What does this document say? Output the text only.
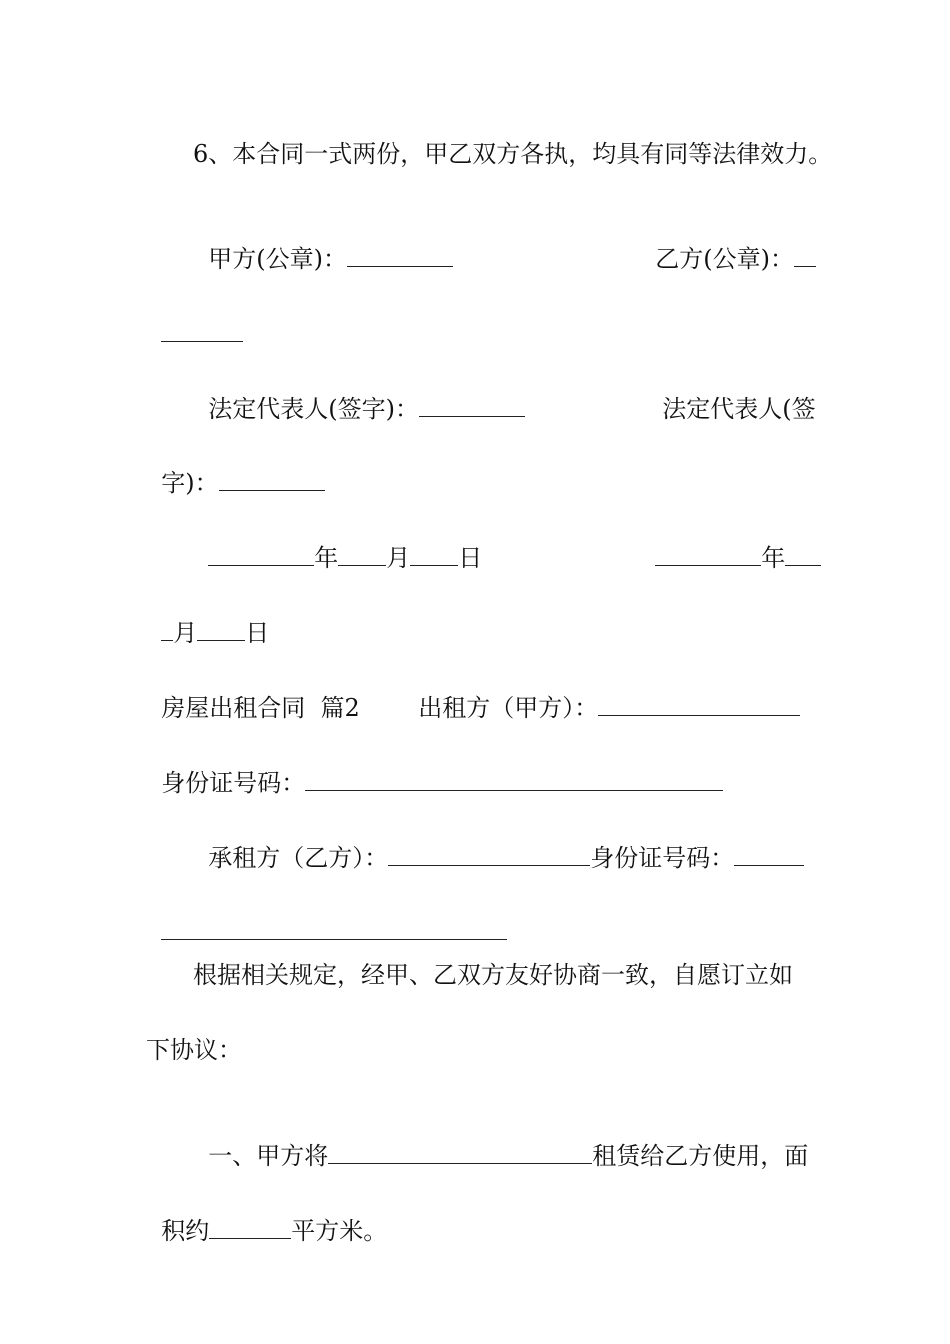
6、本合同一式两份，甲乙双方各执，均具有同等法律效力。

甲方(公章)：	乙方(公章)：

法定代表人(签字)：	法定代表人(签

字)：

年 月 日	年

月 日

房屋出租合同  篇2	出租方（甲方）：

身份证号码：

承租方（乙方）：	身份证号码：

根据相关规定，经甲、乙双方友好协商一致，自愿订立如
下协议：

一、甲方将	租赁给乙方使用，面

积约	平方米。
